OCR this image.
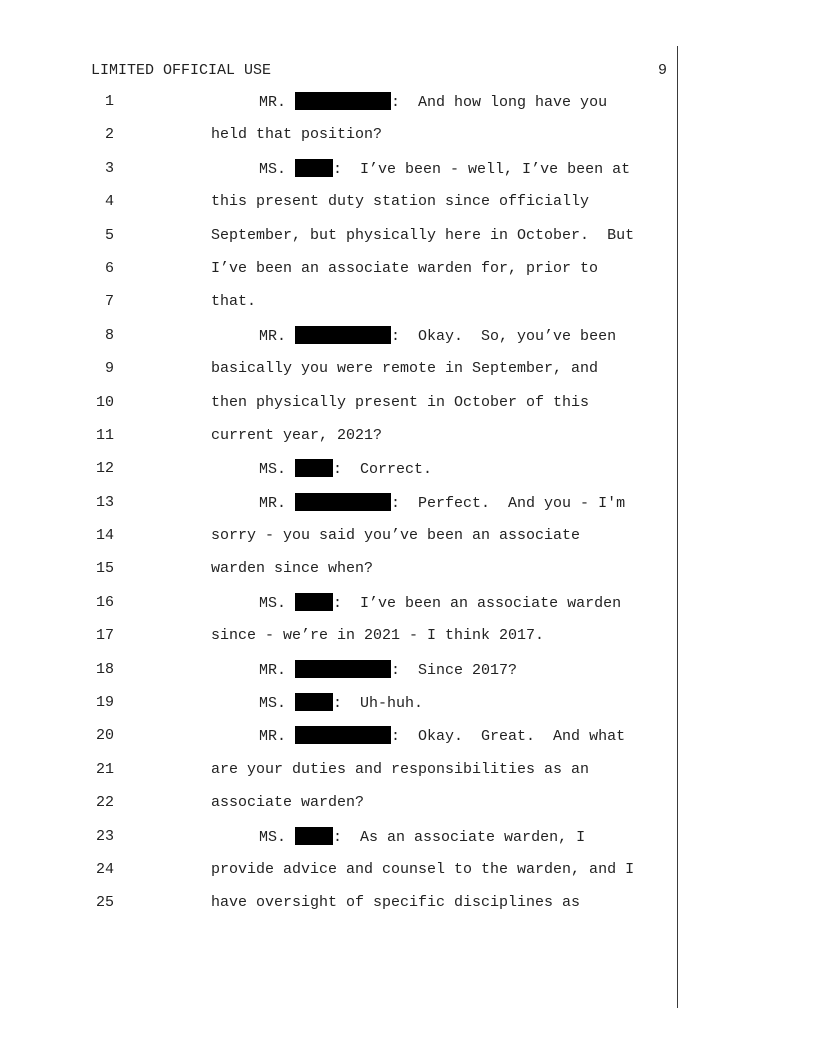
LIMITED OFFICIAL USE	9
1	MR.	:  And how long have you
2	held that position?
3	MS.	:  I’ve been - well, I’ve been at
4	this present duty station since officially
5	September, but physically here in October.  But
6	I’ve been an associate warden for, prior to
7	that.
8	MR.	:  Okay.  So, you’ve been
9	basically you were remote in September, and
10	then physically present in October of this
11	current year, 2021?
12	MS.	:  Correct.
13	MR.	:  Perfect.  And you - I'm
14	sorry - you said you’ve been an associate
15	warden since when?
16	MS.	:  I’ve been an associate warden
17	since - we’re in 2021 - I think 2017.
18	MR.	:  Since 2017?
19	MS.	:  Uh-huh.
20	MR.	:  Okay.  Great.  And what
21	are your duties and responsibilities as an
22	associate warden?
23	MS.	:  As an associate warden, I
24	provide advice and counsel to the warden, and I
25	have oversight of specific disciplines as
